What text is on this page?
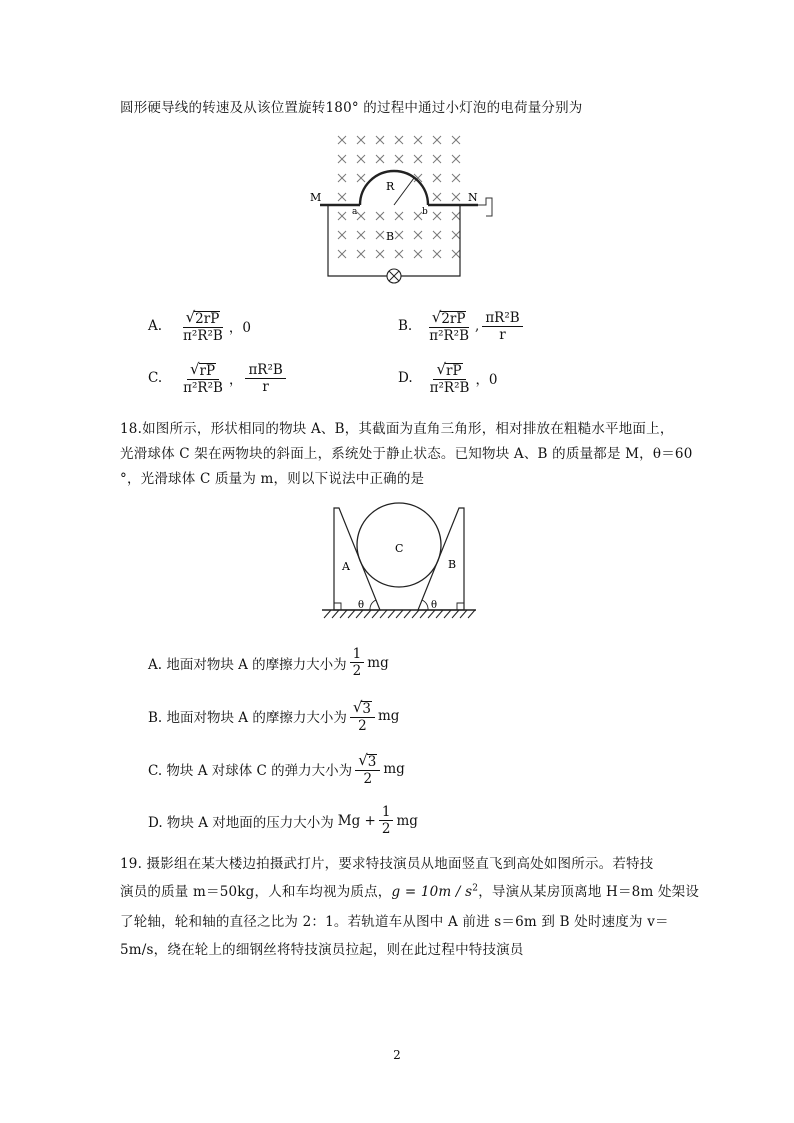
圆形硬导线的转速及从该位置旋转180° 的过程中通过小灯泡的电荷量分别为
M	N
R
a	b
B
A. $\frac{√ 2rP}{\text{π²R²B}}$ ，0	B. $\frac{√ 2rP}{\text{π²R²B}}$ , $\frac{\text{πR²B}}{r}$
C. $\frac{√ rP}{\text{π²R²B}}$ ， $\frac{\text{πR²B}}{r}$	D. $\frac{√ rP}{\text{π²R²B}}$ ，0
18.如图所示，形状相同的物块 A、B，其截面为直角三角形，相对排放在粗糙水平地面上，
光滑球体 C 架在两物块的斜面上，系统处于静止状态。已知物块 A、B 的质量都是 M，θ＝60
°，光滑球体 C 质量为 m，则以下说法中正确的是
A	B
C
θ	θ
A. 地面对物块 A 的摩擦力大小为 $\frac{1}{2}$ mg
B. 地面对物块 A 的摩擦力大小为 $\frac{√ 3}{2}$ mg
C. 物块 A 对球体 C 的弹力大小为 $\frac{√ 3}{2}$ mg
D. 物块 A 对地面的压力大小为 $Mg + \frac{1}{2}$ mg
19. 摄影组在某大楼边拍摄武打片，要求特技演员从地面竖直飞到高处如图所示。若特技
演员的质量 m＝50kg，人和车均视为质点，$g = 10m / s^2$，导演从某房顶离地 H＝8m 处架设
了轮轴，轮和轴的直径之比为 2：1。若轨道车从图中 A 前进 s＝6m 到 B 处时速度为 v＝
5m/s，绕在轮上的细钢丝将特技演员拉起，则在此过程中特技演员
2
